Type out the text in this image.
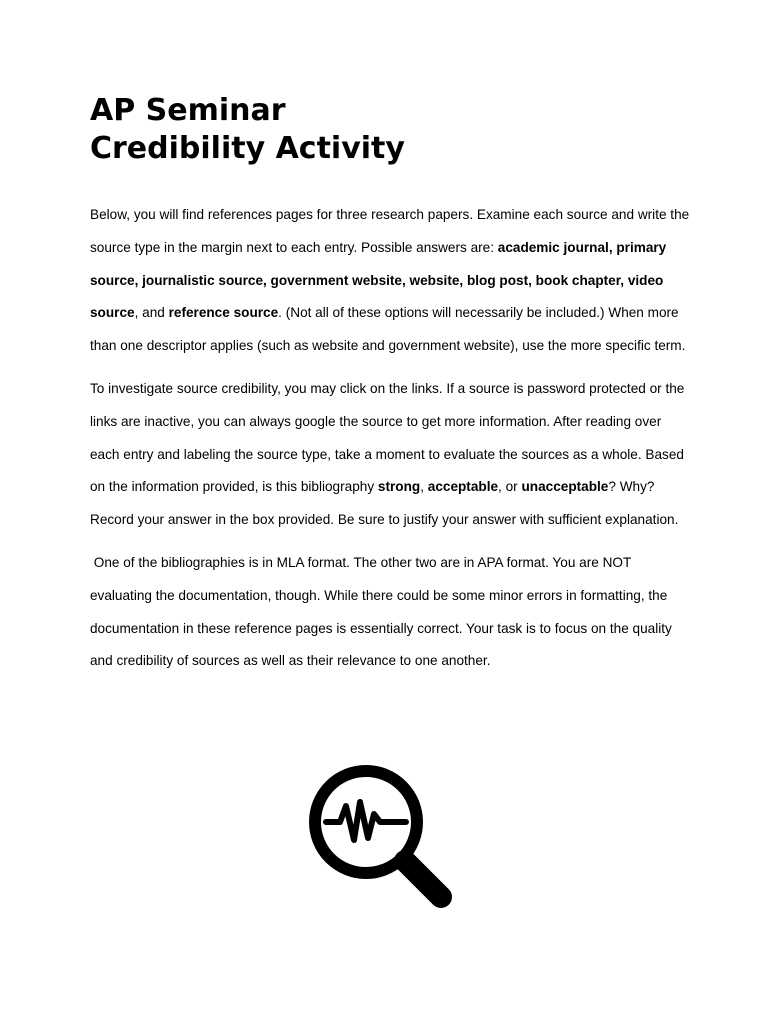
AP Seminar
Credibility Activity

Below, you will find references pages for three research papers. Examine each source and write the source type in the margin next to each entry. Possible answers are: academic journal, primary source, journalistic source, government website, website, blog post, book chapter, video source, and reference source. (Not all of these options will necessarily be included.) When more than one descriptor applies (such as website and government website), use the more specific term.

To investigate source credibility, you may click on the links. If a source is password protected or the links are inactive, you can always google the source to get more information. After reading over each entry and labeling the source type, take a moment to evaluate the sources as a whole. Based on the information provided, is this bibliography strong, acceptable, or unacceptable? Why? Record your answer in the box provided. Be sure to justify your answer with sufficient explanation.

One of the bibliographies is in MLA format. The other two are in APA format. You are NOT evaluating the documentation, though. While there could be some minor errors in formatting, the documentation in these reference pages is essentially correct. Your task is to focus on the quality and credibility of sources as well as their relevance to one another.
